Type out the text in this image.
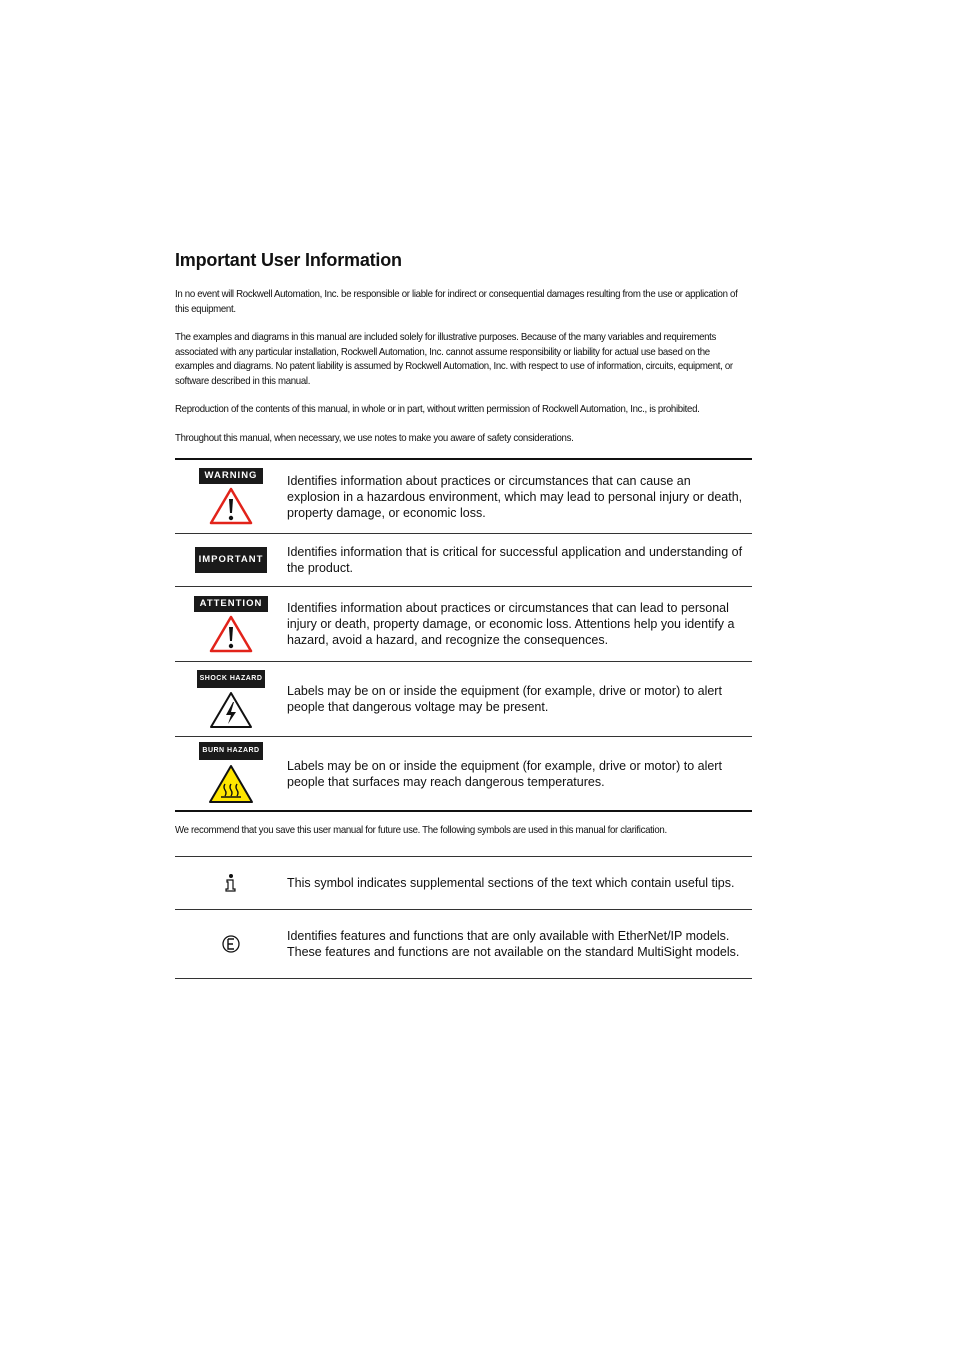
Important User Information

In no event will Rockwell Automation, Inc. be responsible or liable for indirect or consequential damages resulting from the use or application of this equipment.

The examples and diagrams in this manual are included solely for illustrative purposes. Because of the many variables and requirements associated with any particular installation, Rockwell Automation, Inc. cannot assume responsibility or liability for actual use based on the examples and diagrams. No patent liability is assumed by Rockwell Automation, Inc. with respect to use of information, circuits, equipment, or software described in this manual.

Reproduction of the contents of this manual, in whole or in part, without written permission of Rockwell Automation, Inc., is prohibited.

Throughout this manual, when necessary, we use notes to make you aware of safety considerations.

WARNING	Identifies information about practices or circumstances that can cause an explosion in a hazardous environment, which may lead to personal injury or death, property damage, or economic loss.
IMPORTANT
Identifies information that is critical for successful application and understanding of the product.
ATTENTION	Identifies information about practices or circumstances that can lead to personal injury or death, property damage, or economic loss. Attentions help you identify a hazard, avoid a hazard, and recognize the consequences.
SHOCK HAZARD
Labels may be on or inside the equipment (for example, drive or motor) to alert people that dangerous voltage may be present.
BURN HAZARD
Labels may be on or inside the equipment (for example, drive or motor) to alert people that surfaces may reach dangerous temperatures.

We recommend that you save this user manual for future use. The following symbols are used in this manual for clarification.

This symbol indicates supplemental sections of the text which contain useful tips.
Identifies features and functions that are only available with EtherNet/IP models. These features and functions are not available on the standard MultiSight models.
